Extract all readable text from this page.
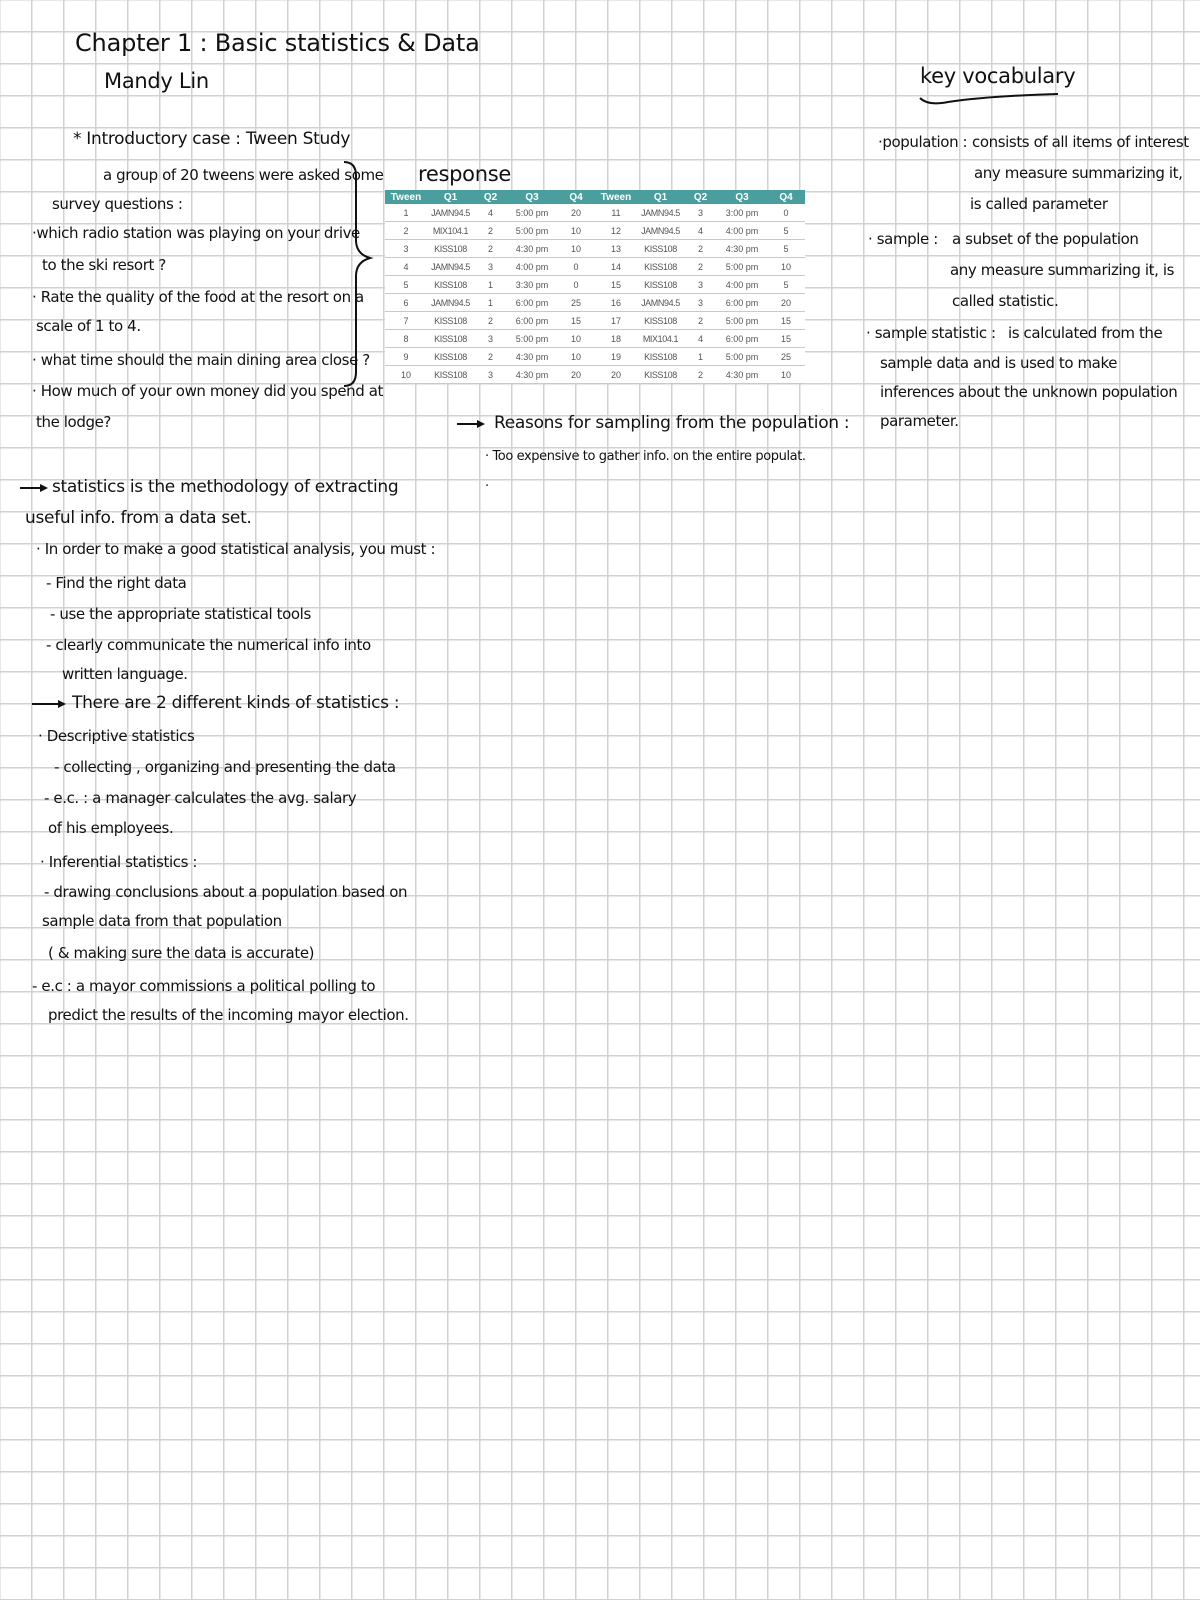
Chapter 1 : Basic statistics & Data
Mandy Lin
* Introductory case : Tween Study
a group of 20 tweens were asked some
survey questions :
·which radio station was playing on your drive
to the ski resort ?
· Rate the quality of the food at the resort on a
scale of 1 to 4.
· what time should the main dining area close ?
· How much of your own money did you spend at
the lodge?
response
Tween	Q1	Q2	Q3	Q4	Tween	Q1	Q2	Q3	Q4
1	JAMN94.5	4	5:00 pm	20	11	JAMN94.5	3	3:00 pm	0
2	MIX104.1	2	5:00 pm	10	12	JAMN94.5	4	4:00 pm	5
3	KISS108	2	4:30 pm	10	13	KISS108	2	4:30 pm	5
4	JAMN94.5	3	4:00 pm	0	14	KISS108	2	5:00 pm	10
5	KISS108	1	3:30 pm	0	15	KISS108	3	4:00 pm	5
6	JAMN94.5	1	6:00 pm	25	16	JAMN94.5	3	6:00 pm	20
7	KISS108	2	6:00 pm	15	17	KISS108	2	5:00 pm	15
8	KISS108	3	5:00 pm	10	18	MIX104.1	4	6:00 pm	15
9	KISS108	2	4:30 pm	10	19	KISS108	1	5:00 pm	25
10	KISS108	3	4:30 pm	20	20	KISS108	2	4:30 pm	10
Reasons for sampling from the population :
· Too expensive to gather info. on the entire populat.
·
statistics is the methodology of extracting
useful info. from a data set.
· In order to make a good statistical analysis, you must :
- Find the right data
- use the appropriate statistical tools
- clearly communicate the numerical info into
written language.
There are 2 different kinds of statistics :
· Descriptive statistics
- collecting , organizing and presenting the data
- e.c. : a manager calculates the avg. salary
of his employees.
· Inferential statistics :
- drawing conclusions about a population based on
sample data from that population
( & making sure the data is accurate)
- e.c : a mayor commissions a political polling to
predict the results of the incoming mayor election.
key vocabulary
·population : consists of all items of interest
any measure summarizing it,
is called parameter
· sample : a subset of the population
any measure summarizing it, is
called statistic.
· sample statistic : is calculated from the
sample data and is used to make
inferences about the unknown population
parameter.
